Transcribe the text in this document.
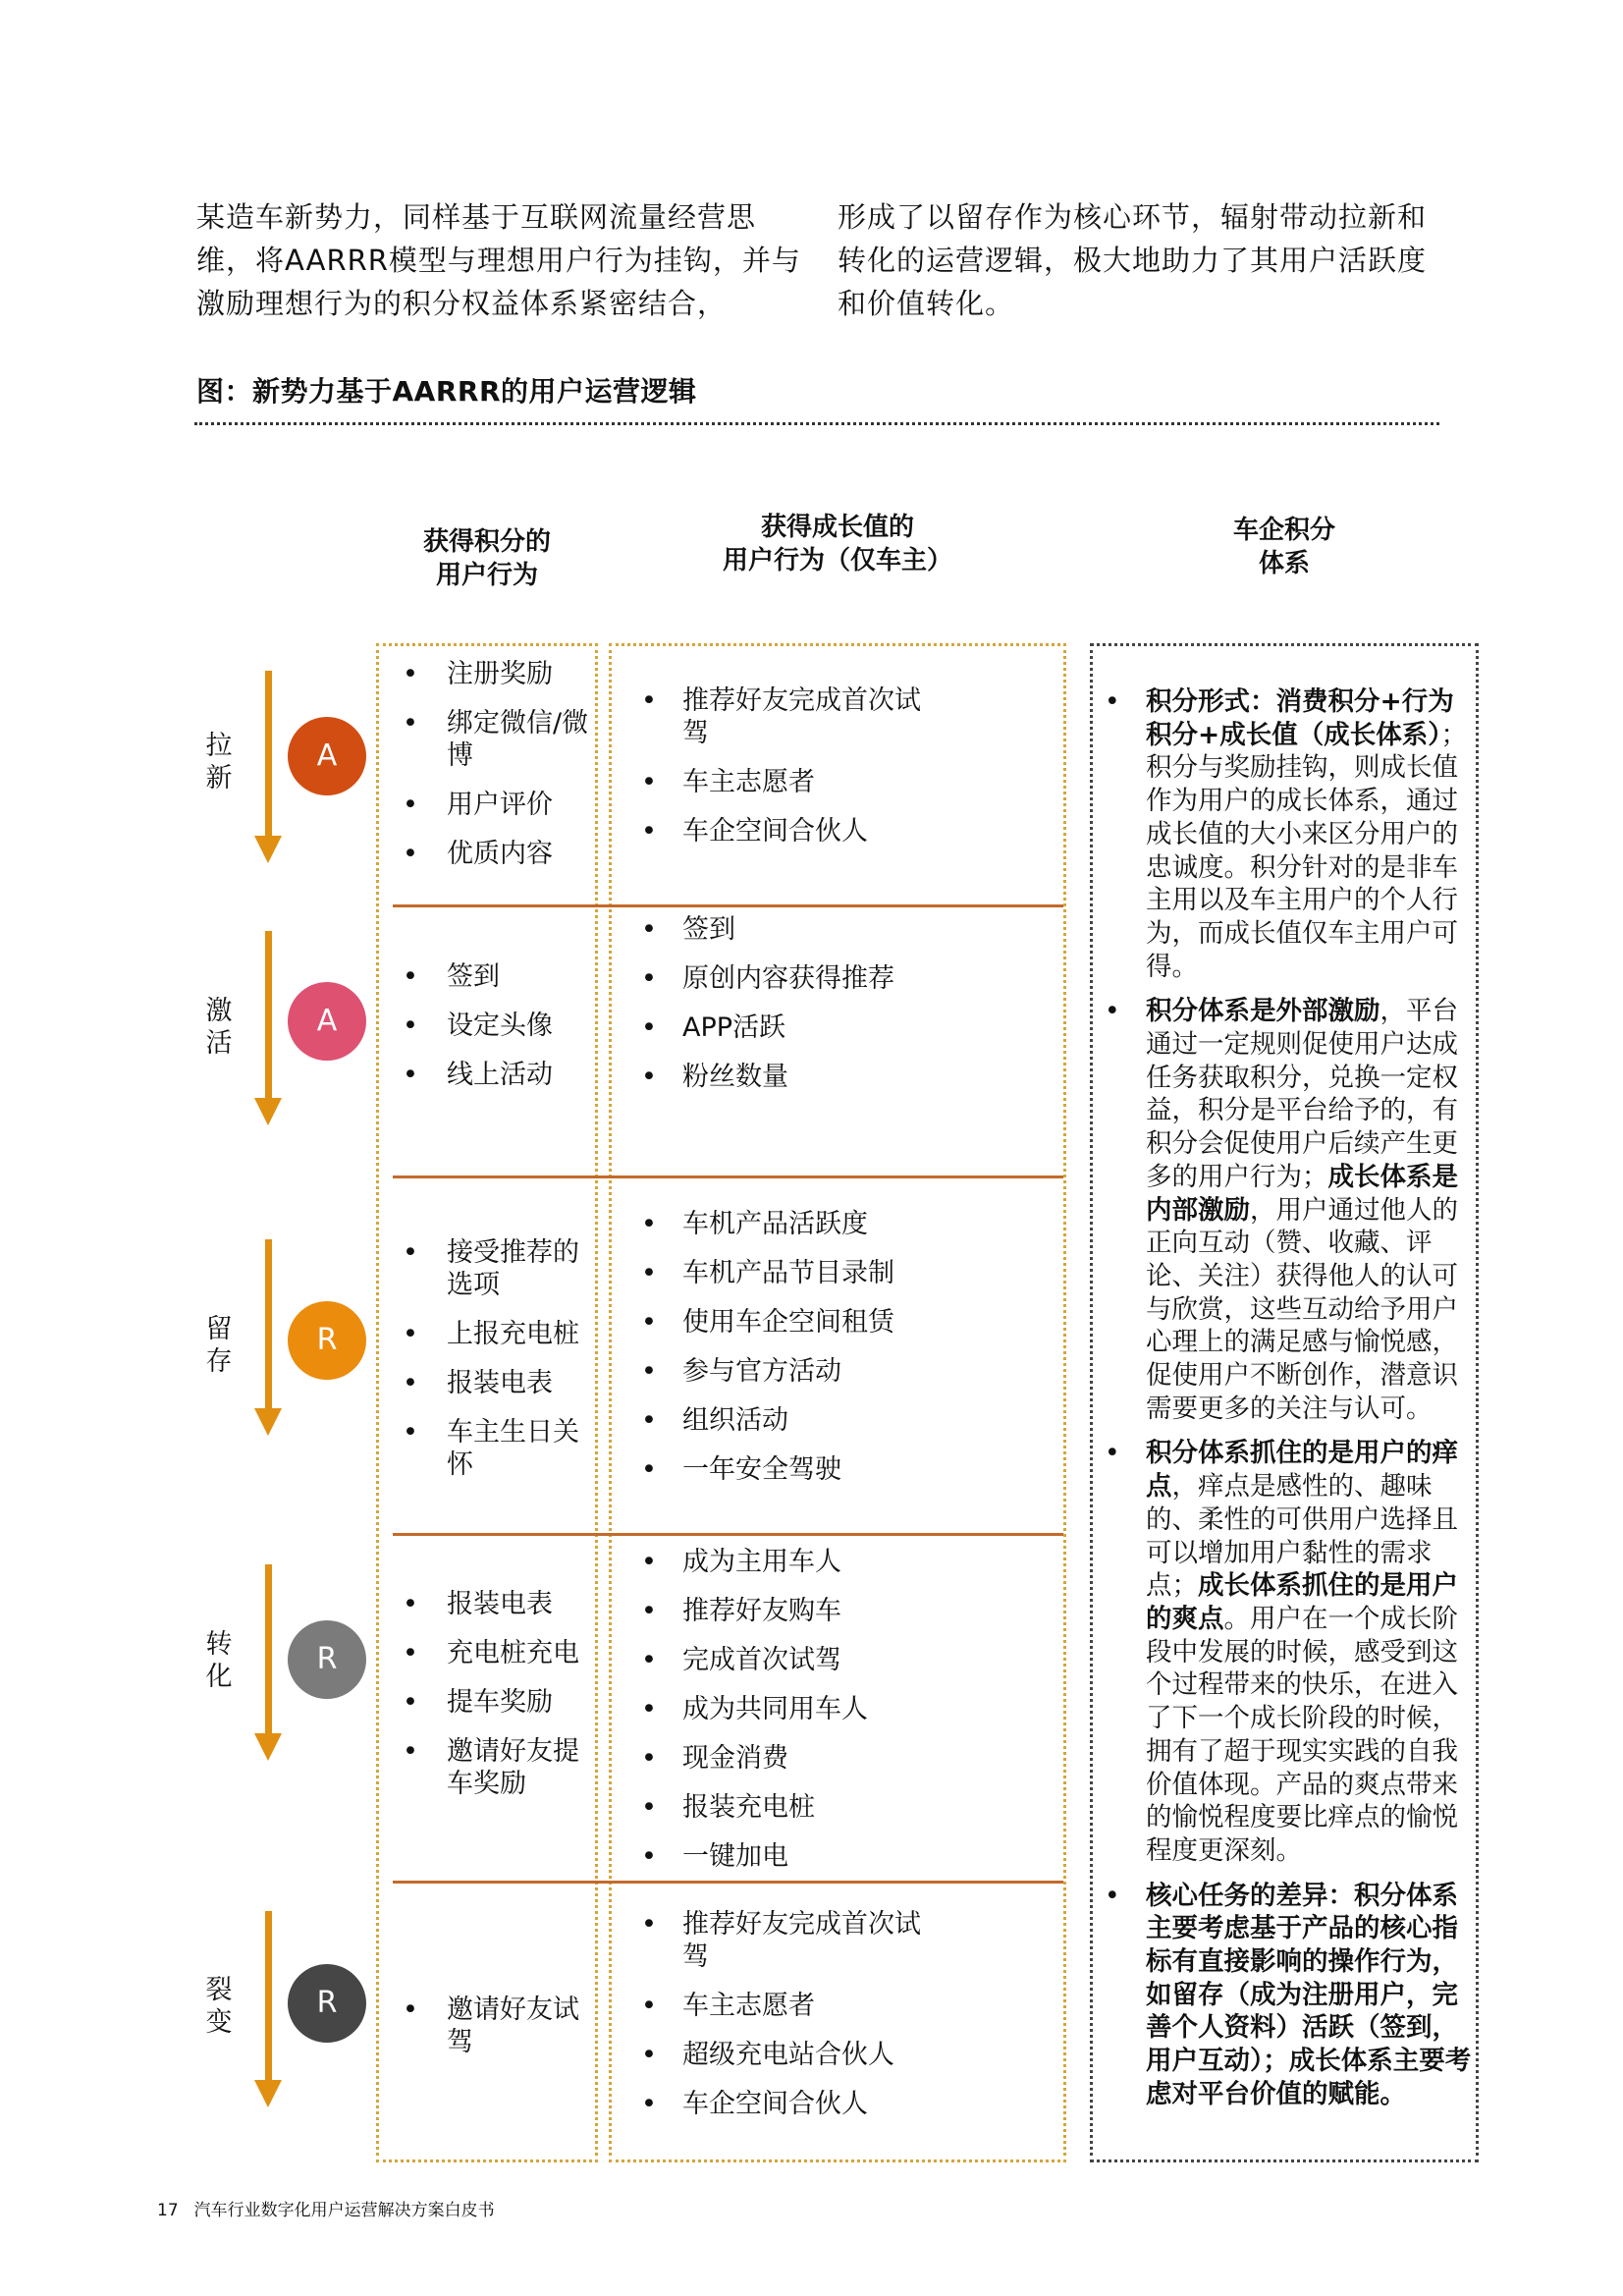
某造车新势力，同样基于互联网流量经营思维，将AARRR模型与理想用户行为挂钩，并与激励理想行为的积分权益体系紧密结合，
形成了以留存作为核心环节，辐射带动拉新和转化的运营逻辑，极大地助力了其用户活跃度和价值转化。
图：新势力基于AARRR的用户运营逻辑
获得积分的
用户行为
获得成长值的
用户行为（仅车主）
车企积分
体系
拉
新
A
• 注册奖励
• 绑定微信/微博
• 用户评价
• 优质内容
• 推荐好友完成首次试驾
• 车主志愿者
• 车企空间合伙人
激
活
A
• 签到
• 设定头像
• 线上活动
• 签到
• 原创内容获得推荐
• APP活跃
• 粉丝数量
留
存
R
• 接受推荐的选项
• 上报充电桩
• 报装电表
• 车主生日关怀
• 车机产品活跃度
• 车机产品节目录制
• 使用车企空间租赁
• 参与官方活动
• 组织活动
• 一年安全驾驶
转
化
R
• 报装电表
• 充电桩充电
• 提车奖励
• 邀请好友提车奖励
• 成为主用车人
• 推荐好友购车
• 完成首次试驾
• 成为共同用车人
• 现金消费
• 报装充电桩
• 一键加电
裂
变
R	• 邀请好友试驾
• 推荐好友完成首次试驾
• 车主志愿者
• 超级充电站合伙人
• 车企空间合伙人
• 积分形式：消费积分+行为积分+成长值（成长体系）；积分与奖励挂钩，则成长值作为用户的成长体系，通过成长值的大小来区分用户的忠诚度。积分针对的是非车主用以及车主用户的个人行为，而成长值仅车主用户可得。
• 积分体系是外部激励，平台通过一定规则促使用户达成任务获取积分，兑换一定权益，积分是平台给予的，有积分会促使用户后续产生更多的用户行为；成长体系是内部激励，用户通过他人的正向互动（赞、收藏、评论、关注）获得他人的认可与欣赏，这些互动给予用户心理上的满足感与愉悦感，促使用户不断创作，潜意识需要更多的关注与认可。
• 积分体系抓住的是用户的痒点，痒点是感性的、趣味的、柔性的可供用户选择且可以增加用户黏性的需求点；成长体系抓住的是用户的爽点。用户在一个成长阶段中发展的时候，感受到这个过程带来的快乐，在进入了下一个成长阶段的时候，拥有了超于现实实践的自我价值体现。产品的爽点带来的愉悦程度要比痒点的愉悦程度更深刻。
• 核心任务的差异：积分体系主要考虑基于产品的核心指标有直接影响的操作行为，如留存（成为注册用户，完善个人资料）活跃（签到，用户互动）；成长体系主要考虑对平台价值的赋能。
17 汽车行业数字化用户运营解决方案白皮书
